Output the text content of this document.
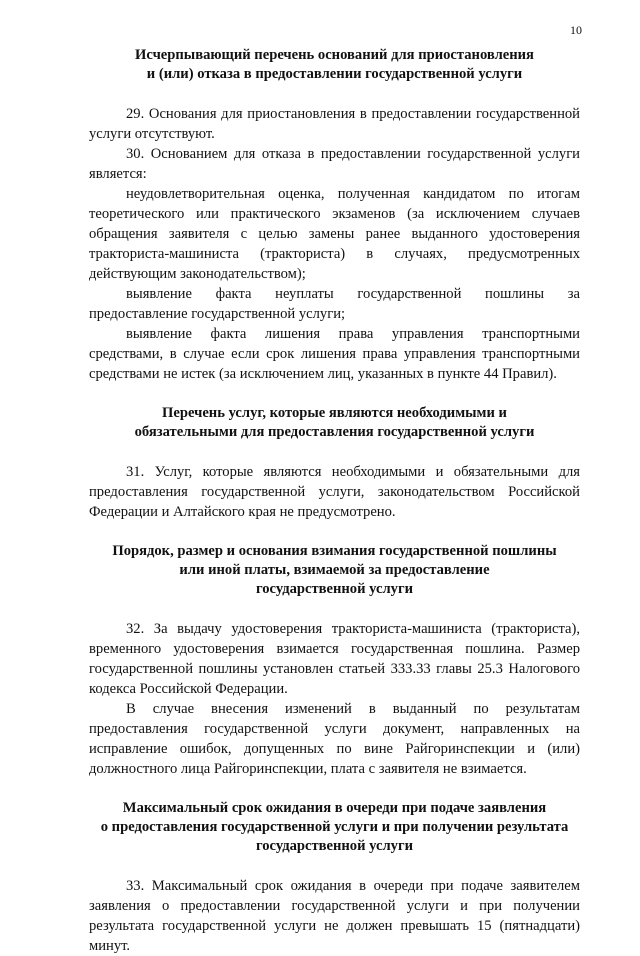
10
Исчерпывающий перечень оснований для приостановления
и (или) отказа в предоставлении государственной услуги

29. Основания для приостановления в предоставлении государственной услуги отсутствуют.

30. Основанием для отказа в предоставлении государственной услуги является:

неудовлетворительная оценка, полученная кандидатом по итогам теоретического или практического экзаменов (за исключением случаев обращения заявителя с целью замены ранее выданного удостоверения тракториста-машиниста (тракториста) в случаях, предусмотренных действующим законодательством);

выявление факта неуплаты государственной пошлины за предоставление государственной услуги;

выявление факта лишения права управления транспортными средствами, в случае если срок лишения права управления транспортными средствами не истек (за исключением лиц, указанных в пункте 44 Правил).

Перечень услуг, которые являются необходимыми и
обязательными для предоставления государственной услуги

31. Услуг, которые являются необходимыми и обязательными для предоставления государственной услуги, законодательством Российской Федерации и Алтайского края не предусмотрено.

Порядок, размер и основания взимания государственной пошлины
или иной платы, взимаемой за предоставление
государственной услуги

32. За выдачу удостоверения тракториста-машиниста (тракториста), временного удостоверения взимается государственная пошлина. Размер государственной пошлины установлен статьей 333.33 главы 25.3 Налогового кодекса Российской Федерации.

В случае внесения изменений в выданный по результатам предоставления государственной услуги документ, направленных на исправление ошибок, допущенных по вине Райгоринспекции и (или) должностного лица Райгоринспекции, плата с заявителя не взимается.

Максимальный срок ожидания в очереди при подаче заявления
о предоставления государственной услуги и при получении результата
государственной услуги

33. Максимальный срок ожидания в очереди при подаче заявителем заявления о предоставлении государственной услуги и при получении результата государственной услуги не должен превышать 15 (пятнадцати) минут.
